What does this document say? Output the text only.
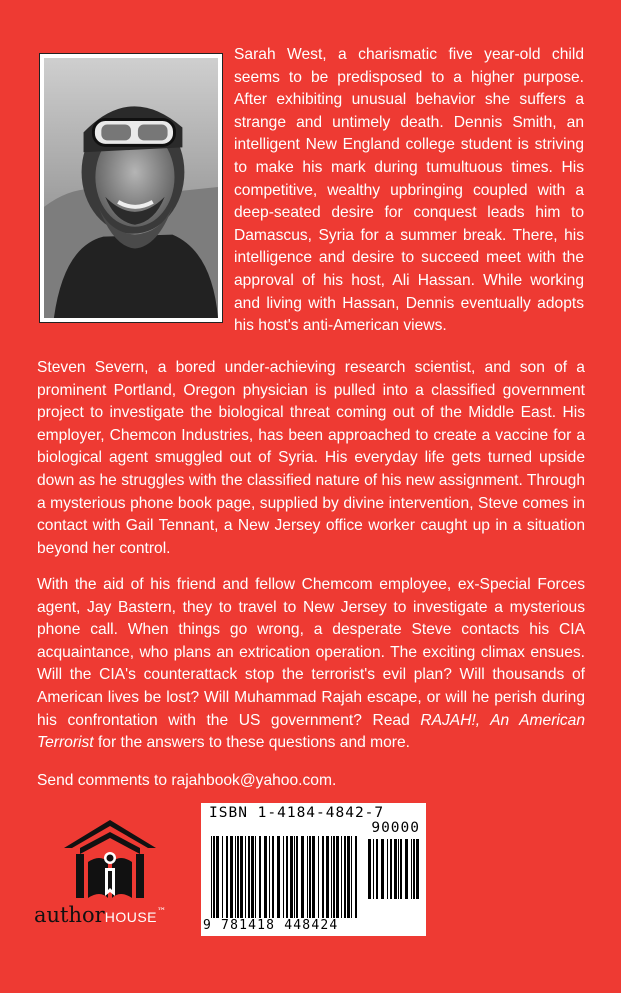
Sarah West, a charismatic five year-old child seems to be predisposed to a higher purpose. After exhibiting unusual behavior she suffers a strange and untimely death. Dennis Smith, an intelligent New England college student is striving to make his mark during tumultuous times. His competitive, wealthy upbringing coupled with a deep-seated desire for conquest leads him to Damascus, Syria for a summer break. There, his intelligence and desire to succeed meet with the approval of his host, Ali Hassan. While working and living with Hassan, Dennis eventually adopts his host's anti-American views.

Steven Severn, a bored under-achieving research scientist, and son of a prominent Portland, Oregon physician is pulled into a classified government project to investigate the biological threat coming out of the Middle East. His employer, Chemcon Industries, has been approached to create a vaccine for a biological agent smuggled out of Syria. His everyday life gets turned upside down as he struggles with the classified nature of his new assignment. Through a mysterious phone book page, supplied by divine intervention, Steve comes in contact with Gail Tennant, a New Jersey office worker caught up in a situation beyond her control.

With the aid of his friend and fellow Chemcom employee, ex-Special Forces agent, Jay Bastern, they to travel to New Jersey to investigate a mysterious phone call. When things go wrong, a desperate Steve contacts his CIA acquaintance, who plans an extrication operation. The exciting climax ensues. Will the CIA's counterattack stop the terrorist's evil plan? Will thousands of American lives be lost? Will Muhammad Rajah escape, or will he perish during his confrontation with the US government? Read RAJAH!, An American Terrorist for the answers to these questions and more.

Send comments to rajahbook@yahoo.com.

authorHOUSE™
ISBN 1-4184-4842-7
90000
9 781418 448424
